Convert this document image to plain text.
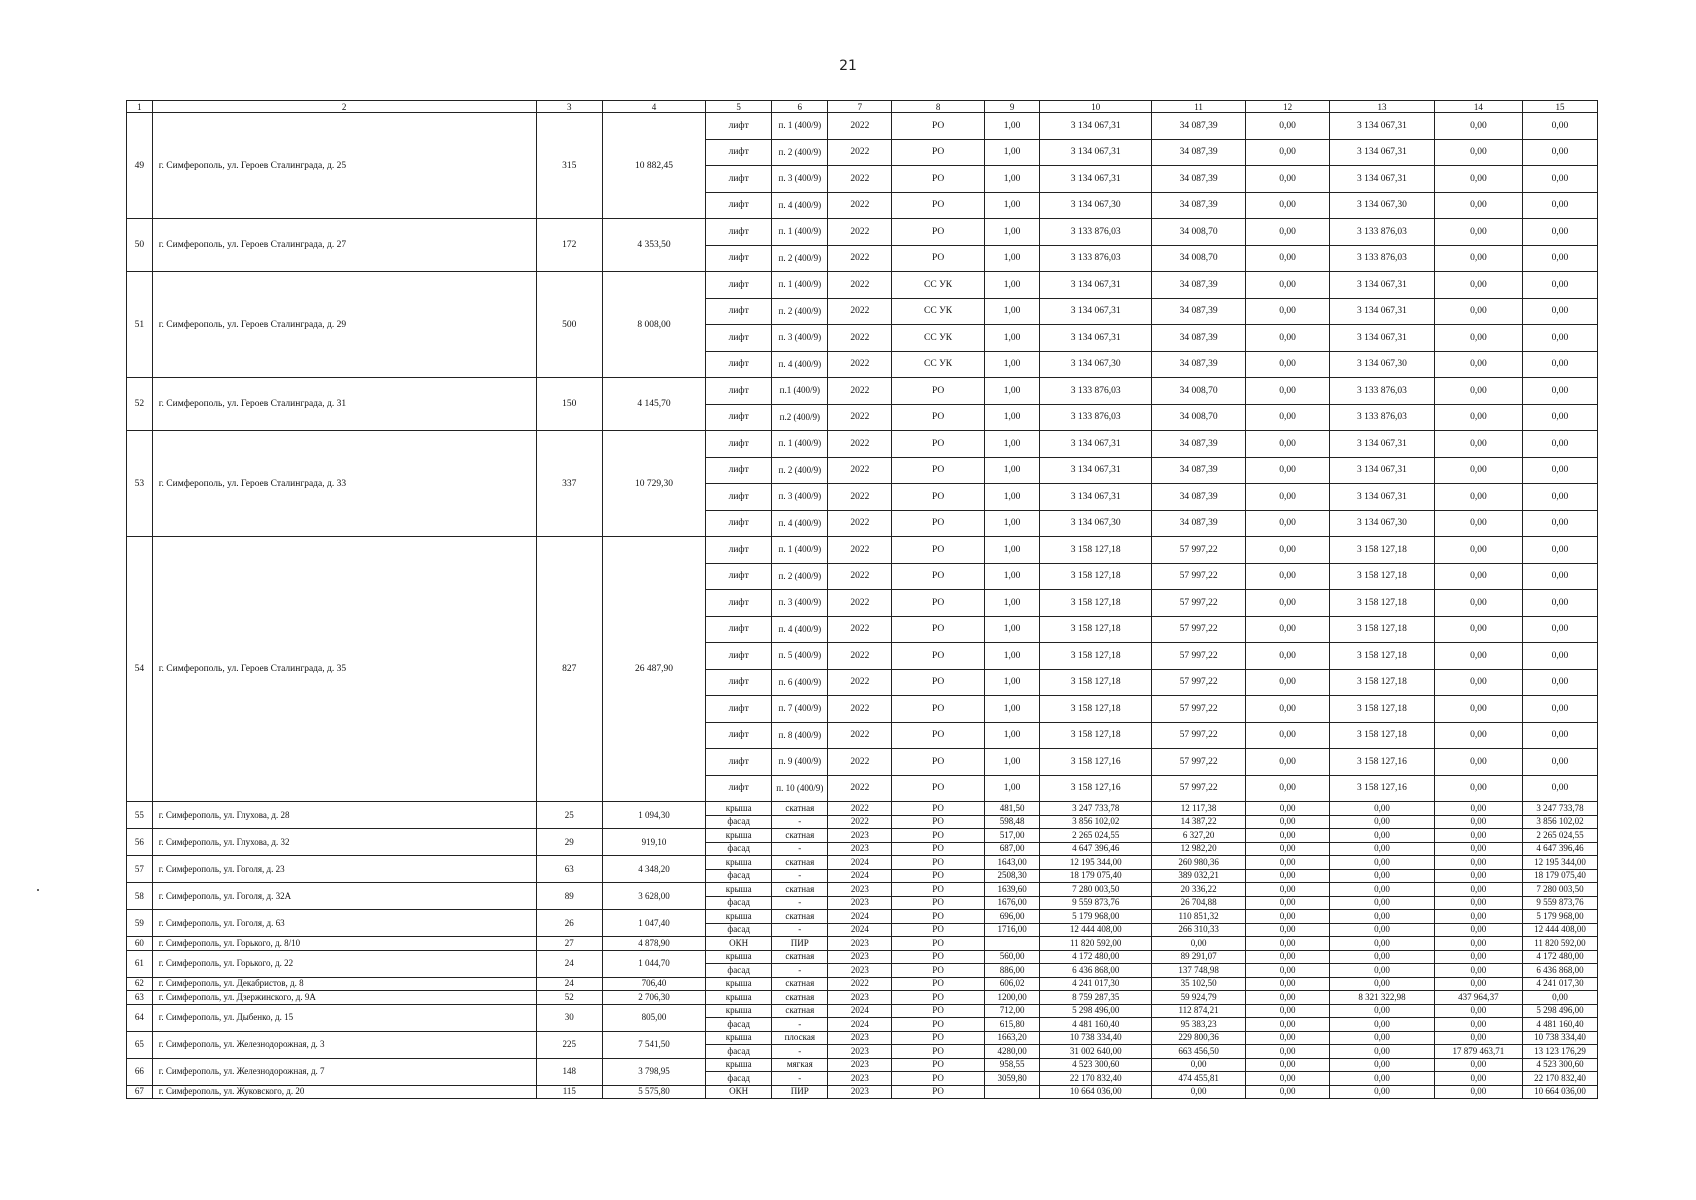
21
1	2	3	4	5	6	7	8	9	10	11	12	13	14	15
49	г. Симферополь, ул. Героев Сталинграда, д. 25	315	10 882,45	лифт	п. 1 (400/9)	2022	РО	1,00	3 134 067,31	34 087,39	0,00	3 134 067,31	0,00	0,00
				лифт	п. 2 (400/9)	2022	РО	1,00	3 134 067,31	34 087,39	0,00	3 134 067,31	0,00	0,00
				лифт	п. 3 (400/9)	2022	РО	1,00	3 134 067,31	34 087,39	0,00	3 134 067,31	0,00	0,00
				лифт	п. 4 (400/9)	2022	РО	1,00	3 134 067,30	34 087,39	0,00	3 134 067,30	0,00	0,00
50	г. Симферополь, ул. Героев Сталинграда, д. 27	172	4 353,50	лифт	п. 1 (400/9)	2022	РО	1,00	3 133 876,03	34 008,70	0,00	3 133 876,03	0,00	0,00
				лифт	п. 2 (400/9)	2022	РО	1,00	3 133 876,03	34 008,70	0,00	3 133 876,03	0,00	0,00
51	г. Симферополь, ул. Героев Сталинграда, д. 29	500	8 008,00	лифт	п. 1 (400/9)	2022	СС УК	1,00	3 134 067,31	34 087,39	0,00	3 134 067,31	0,00	0,00
				лифт	п. 2 (400/9)	2022	СС УК	1,00	3 134 067,31	34 087,39	0,00	3 134 067,31	0,00	0,00
				лифт	п. 3 (400/9)	2022	СС УК	1,00	3 134 067,31	34 087,39	0,00	3 134 067,31	0,00	0,00
				лифт	п. 4 (400/9)	2022	СС УК	1,00	3 134 067,30	34 087,39	0,00	3 134 067,30	0,00	0,00
52	г. Симферополь, ул. Героев Сталинграда, д. 31	150	4 145,70	лифт	п.1 (400/9)	2022	РО	1,00	3 133 876,03	34 008,70	0,00	3 133 876,03	0,00	0,00
				лифт	п.2 (400/9)	2022	РО	1,00	3 133 876,03	34 008,70	0,00	3 133 876,03	0,00	0,00
53	г. Симферополь, ул. Героев Сталинграда, д. 33	337	10 729,30	лифт	п. 1 (400/9)	2022	РО	1,00	3 134 067,31	34 087,39	0,00	3 134 067,31	0,00	0,00
				лифт	п. 2 (400/9)	2022	РО	1,00	3 134 067,31	34 087,39	0,00	3 134 067,31	0,00	0,00
				лифт	п. 3 (400/9)	2022	РО	1,00	3 134 067,31	34 087,39	0,00	3 134 067,31	0,00	0,00
				лифт	п. 4 (400/9)	2022	РО	1,00	3 134 067,30	34 087,39	0,00	3 134 067,30	0,00	0,00
54	г. Симферополь, ул. Героев Сталинграда, д. 35	827	26 487,90	лифт	п. 1 (400/9)	2022	РО	1,00	3 158 127,18	57 997,22	0,00	3 158 127,18	0,00	0,00
				лифт	п. 2 (400/9)	2022	РО	1,00	3 158 127,18	57 997,22	0,00	3 158 127,18	0,00	0,00
				лифт	п. 3 (400/9)	2022	РО	1,00	3 158 127,18	57 997,22	0,00	3 158 127,18	0,00	0,00
				лифт	п. 4 (400/9)	2022	РО	1,00	3 158 127,18	57 997,22	0,00	3 158 127,18	0,00	0,00
				лифт	п. 5 (400/9)	2022	РО	1,00	3 158 127,18	57 997,22	0,00	3 158 127,18	0,00	0,00
				лифт	п. 6 (400/9)	2022	РО	1,00	3 158 127,18	57 997,22	0,00	3 158 127,18	0,00	0,00
				лифт	п. 7 (400/9)	2022	РО	1,00	3 158 127,18	57 997,22	0,00	3 158 127,18	0,00	0,00
				лифт	п. 8 (400/9)	2022	РО	1,00	3 158 127,18	57 997,22	0,00	3 158 127,18	0,00	0,00
				лифт	п. 9 (400/9)	2022	РО	1,00	3 158 127,16	57 997,22	0,00	3 158 127,16	0,00	0,00
				лифт	п. 10 (400/9)	2022	РО	1,00	3 158 127,16	57 997,22	0,00	3 158 127,16	0,00	0,00
55	г. Симферополь, ул. Глухова, д. 28	25	1 094,30	крыша	скатная	2022	РО	481,50	3 247 733,78	12 117,38	0,00	0,00	0,00	3 247 733,78
				фасад	-	2022	РО	598,48	3 856 102,02	14 387,22	0,00	0,00	0,00	3 856 102,02
56	г. Симферополь, ул. Глухова, д. 32	29	919,10	крыша	скатная	2023	РО	517,00	2 265 024,55	6 327,20	0,00	0,00	0,00	2 265 024,55
				фасад	-	2023	РО	687,00	4 647 396,46	12 982,20	0,00	0,00	0,00	4 647 396,46
57	г. Симферополь, ул. Гоголя, д. 23	63	4 348,20	крыша	скатная	2024	РО	1643,00	12 195 344,00	260 980,36	0,00	0,00	0,00	12 195 344,00
				фасад	-	2024	РО	2508,30	18 179 075,40	389 032,21	0,00	0,00	0,00	18 179 075,40
58	г. Симферополь, ул. Гоголя, д. 32А	89	3 628,00	крыша	скатная	2023	РО	1639,60	7 280 003,50	20 336,22	0,00	0,00	0,00	7 280 003,50
				фасад	-	2023	РО	1676,00	9 559 873,76	26 704,88	0,00	0,00	0,00	9 559 873,76
59	г. Симферополь, ул. Гоголя, д. 63	26	1 047,40	крыша	скатная	2024	РО	696,00	5 179 968,00	110 851,32	0,00	0,00	0,00	5 179 968,00
				фасад	-	2024	РО	1716,00	12 444 408,00	266 310,33	0,00	0,00	0,00	12 444 408,00
60	г. Симферополь, ул. Горького, д. 8/10	27	4 878,90	ОКН	ПИР	2023	РО		11 820 592,00	0,00	0,00	0,00	0,00	11 820 592,00
61	г. Симферополь, ул. Горького, д. 22	24	1 044,70	крыша	скатная	2023	РО	560,00	4 172 480,00	89 291,07	0,00	0,00	0,00	4 172 480,00
				фасад	-	2023	РО	886,00	6 436 868,00	137 748,98	0,00	0,00	0,00	6 436 868,00
62	г. Симферополь, ул. Декабристов, д. 8	24	706,40	крыша	скатная	2022	РО	606,02	4 241 017,30	35 102,50	0,00	0,00	0,00	4 241 017,30
63	г. Симферополь, ул. Дзержинского, д. 9А	52	2 706,30	крыша	скатная	2023	РО	1200,00	8 759 287,35	59 924,79	0,00	8 321 322,98	437 964,37	0,00
64	г. Симферополь, ул. Дыбенко, д. 15	30	805,00	крыша	скатная	2024	РО	712,00	5 298 496,00	112 874,21	0,00	0,00	0,00	5 298 496,00
				фасад	-	2024	РО	615,80	4 481 160,40	95 383,23	0,00	0,00	0,00	4 481 160,40
65	г. Симферополь, ул. Железнодорожная, д. 3	225	7 541,50	крыша	плоская	2023	РО	1663,20	10 738 334,40	229 800,36	0,00	0,00	0,00	10 738 334,40
				фасад	-	2023	РО	4280,00	31 002 640,00	663 456,50	0,00	0,00	17 879 463,71	13 123 176,29
66	г. Симферополь, ул. Железнодорожная, д. 7	148	3 798,95	крыша	мягкая	2023	РО	958,55	4 523 300,60	0,00	0,00	0,00	0,00	4 523 300,60
				фасад	-	2023	РО	3059,80	22 170 832,40	474 455,81	0,00	0,00	0,00	22 170 832,40
67	г. Симферополь, ул. Жуковского, д. 20	115	5 575,80	ОКН	ПИР	2023	РО		10 664 036,00	0,00	0,00	0,00	0,00	10 664 036,00
